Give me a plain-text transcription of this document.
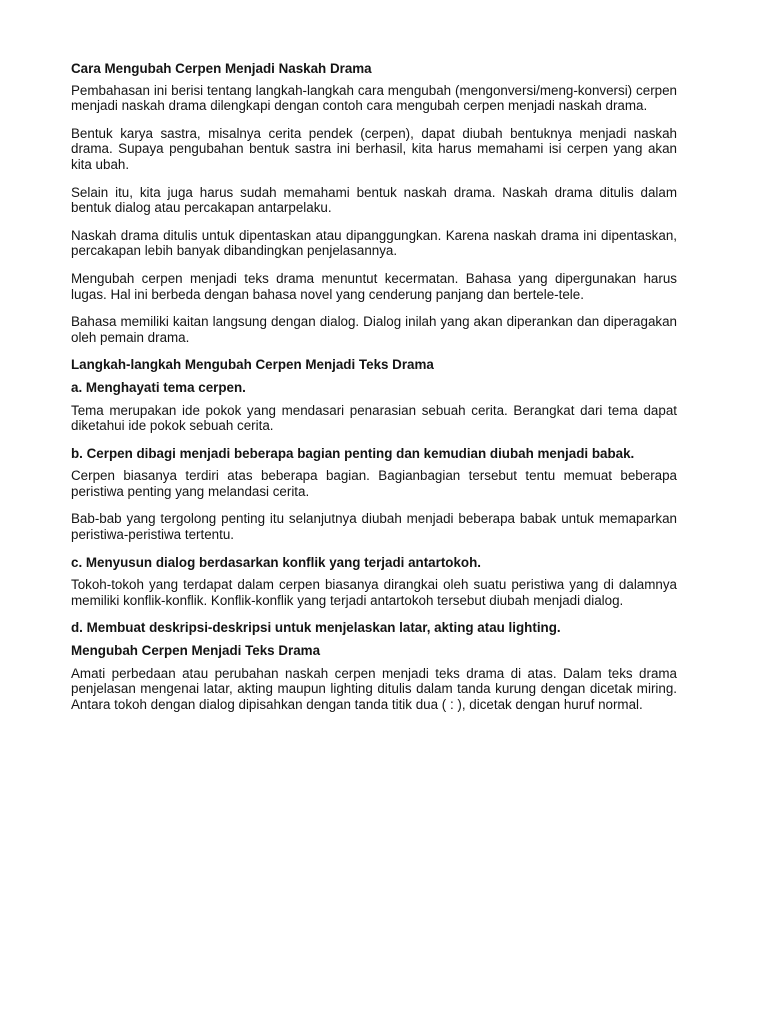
Cara Mengubah Cerpen Menjadi Naskah Drama

Pembahasan ini berisi tentang langkah-langkah cara mengubah (mengonversi/meng-konversi) cerpen menjadi naskah drama dilengkapi dengan contoh cara mengubah cerpen menjadi naskah drama.

Bentuk karya sastra, misalnya cerita pendek (cerpen), dapat diubah bentuknya menjadi naskah drama. Supaya pengubahan bentuk sastra ini berhasil, kita harus memahami isi cerpen yang akan kita ubah.

Selain itu, kita juga harus sudah memahami bentuk naskah drama. Naskah drama ditulis dalam bentuk dialog atau percakapan antarpelaku.

Naskah drama ditulis untuk dipentaskan atau dipanggungkan. Karena naskah drama ini dipentaskan, percakapan lebih banyak dibandingkan penjelasannya.

Mengubah cerpen menjadi teks drama menuntut kecermatan. Bahasa yang dipergunakan harus lugas. Hal ini berbeda dengan bahasa novel yang cenderung panjang dan bertele-tele.

Bahasa memiliki kaitan langsung dengan dialog. Dialog inilah yang akan diperankan dan diperagakan oleh pemain drama.

Langkah-langkah Mengubah Cerpen Menjadi Teks Drama

a. Menghayati tema cerpen.

Tema merupakan ide pokok yang mendasari penarasian sebuah cerita. Berangkat dari tema dapat diketahui ide pokok sebuah cerita.

b. Cerpen dibagi menjadi beberapa bagian penting dan kemudian diubah menjadi babak.

Cerpen biasanya terdiri atas beberapa bagian. Bagianbagian tersebut tentu memuat beberapa peristiwa penting yang melandasi cerita.

Bab-bab yang tergolong penting itu selanjutnya diubah menjadi beberapa babak untuk memaparkan peristiwa-peristiwa tertentu.

c. Menyusun dialog berdasarkan konflik yang terjadi antartokoh.

Tokoh-tokoh yang terdapat dalam cerpen biasanya dirangkai oleh suatu peristiwa yang di dalamnya memiliki konflik-konflik. Konflik-konflik yang terjadi antartokoh tersebut diubah menjadi dialog.

d. Membuat deskripsi-deskripsi untuk menjelaskan latar, akting atau lighting.

Mengubah Cerpen Menjadi Teks Drama

Amati perbedaan atau perubahan naskah cerpen menjadi teks drama di atas. Dalam teks drama penjelasan mengenai latar, akting maupun lighting ditulis dalam tanda kurung dengan dicetak miring. Antara tokoh dengan dialog dipisahkan dengan tanda titik dua ( : ), dicetak dengan huruf normal.
